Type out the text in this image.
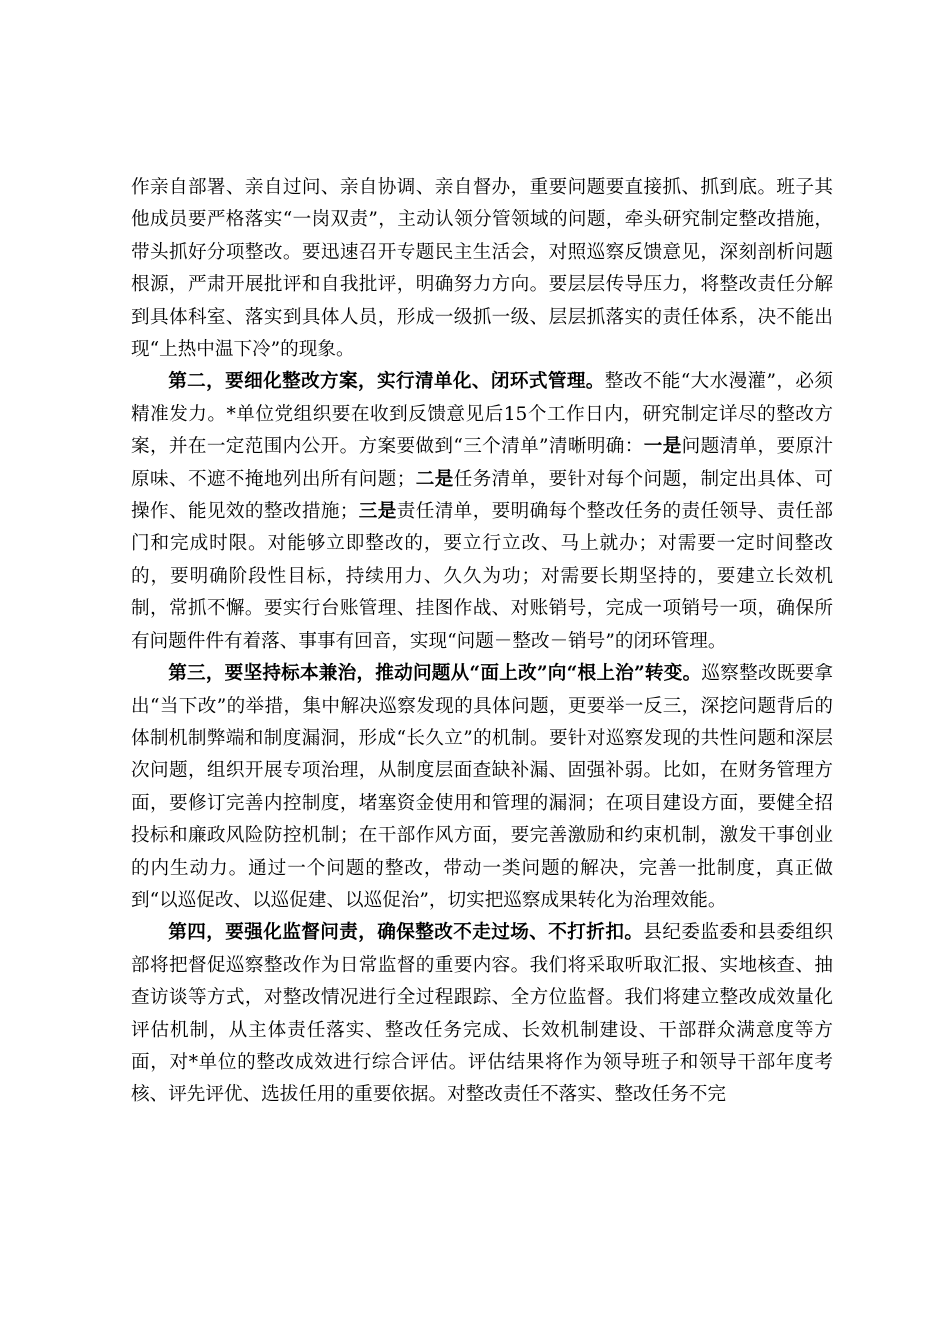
作亲自部署、亲自过问、亲自协调、亲自督办，重要问题要直接抓、抓到底。班子其他成员要严格落实“一岗双责”，主动认领分管领域的问题，牵头研究制定整改措施，带头抓好分项整改。要迅速召开专题民主生活会，对照巡察反馈意见，深刻剖析问题根源，严肃开展批评和自我批评，明确努力方向。要层层传导压力，将整改责任分解到具体科室、落实到具体人员，形成一级抓一级、层层抓落实的责任体系，决不能出现“上热中温下冷”的现象。

第二，要细化整改方案，实行清单化、闭环式管理。整改不能“大水漫灌”，必须精准发力。*单位党组织要在收到反馈意见后15个工作日内，研究制定详尽的整改方案，并在一定范围内公开。方案要做到“三个清单”清晰明确：一是问题清单，要原汁原味、不遮不掩地列出所有问题；二是任务清单，要针对每个问题，制定出具体、可操作、能见效的整改措施；三是责任清单，要明确每个整改任务的责任领导、责任部门和完成时限。对能够立即整改的，要立行立改、马上就办；对需要一定时间整改的，要明确阶段性目标，持续用力、久久为功；对需要长期坚持的，要建立长效机制，常抓不懈。要实行台账管理、挂图作战、对账销号，完成一项销号一项，确保所有问题件件有着落、事事有回音，实现“问题－整改－销号”的闭环管理。

第三，要坚持标本兼治，推动问题从“面上改”向“根上治”转变。巡察整改既要拿出“当下改”的举措，集中解决巡察发现的具体问题，更要举一反三，深挖问题背后的体制机制弊端和制度漏洞，形成“长久立”的机制。要针对巡察发现的共性问题和深层次问题，组织开展专项治理，从制度层面查缺补漏、固强补弱。比如，在财务管理方面，要修订完善内控制度，堵塞资金使用和管理的漏洞；在项目建设方面，要健全招投标和廉政风险防控机制；在干部作风方面，要完善激励和约束机制，激发干事创业的内生动力。通过一个问题的整改，带动一类问题的解决，完善一批制度，真正做到“以巡促改、以巡促建、以巡促治”，切实把巡察成果转化为治理效能。

第四，要强化监督问责，确保整改不走过场、不打折扣。县纪委监委和县委组织部将把督促巡察整改作为日常监督的重要内容。我们将采取听取汇报、实地核查、抽查访谈等方式，对整改情况进行全过程跟踪、全方位监督。我们将建立整改成效量化评估机制，从主体责任落实、整改任务完成、长效机制建设、干部群众满意度等方面，对*单位的整改成效进行综合评估。评估结果将作为领导班子和领导干部年度考核、评先评优、选拔任用的重要依据。对整改责任不落实、整改任务不完
